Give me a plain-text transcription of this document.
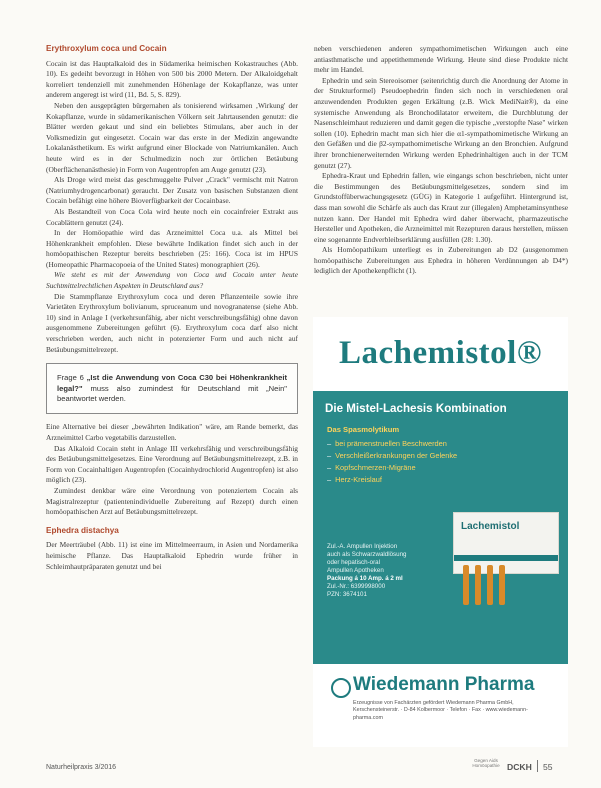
Erythroxylum coca und Cocain

Cocain ist das Hauptalkaloid des in Südamerika heimischen Kokastrauches (Abb. 10). Es gedeiht bevorzugt in Höhen von 500 bis 2000 Metern. Der Alkaloidgehalt korreliert tendenziell mit zunehmenden Höhenlage der Kokapflanze, was unter anderem angeregt ist wird (11, Bd. 5, S. 829).

Neben den ausgeprägten bürgernahen als tonisierend wirksamen ‚Wirkung' der Kokapflanze, wurde in südamerikanischen Völkern seit Jahrtausenden genutzt: die Blätter werden gekaut und sind ein beliebtes Stimulans, aber auch in der Volksmedizin gut eingesetzt. Cocain war das erste in der Medizin angewandte Lokalanästhetikum. Es wirkt aufgrund einer Blockade von Natriumkanälen. Auch heute wird es in der Schulmedizin noch zur örtlichen Betäubung (Oberflächenanästhesie) in Form von Augentropfen am Auge genutzt (23).

Als Droge wird meist das geschmuggelte Pulver „Crack" vermischt mit Natron (Natriumhydrogencarbonat) geraucht. Der Zusatz von basischen Substanzen dient Cocain befähigt eine höhere Bioverfügbarkeit der Cocainbase.

Als Bestandteil von Coca Cola wird heute noch ein cocainfreier Extrakt aus Cocablättern genutzt (24).

In der Homöopathie wird das Arzneimittel Coca u.a. als Mittel bei Höhenkrankheit empfohlen. Diese bewährte Indikation findet sich auch in der homöopathischen Rezeptur bereits beschrieben (25: 166). Coca ist im HPUS (Homeopathic Pharmacopoeia of the United States) monographiert (26).

Wie steht es mit der Anwendung von Coca und Cocain unter heute Suchtmittelrechtlichen Aspekten in Deutschland aus?

Die Stammpflanze Erythroxylum coca und deren Pflanzenteile sowie ihre Varietäten Erythroxylum bolivianum, spruceanum und novogranatense (siehe Abb. 10) sind in Anlage I (verkehrsunfähig, aber nicht verschreibungsfähig) ohne davon ausgenommene Zubereitungen geführt (6). Erythroxylum coca darf also nicht verschrieben werden, auch nicht in potenzierter Form und auch nicht auf Betäubungsmittelrezept.

Frage 6 „Ist die Anwendung von Coca C30 bei Höhenkrankheit legal?" muss also zumindest für Deutschland mit „Nein" beantwortet werden.

Eine Alternative bei dieser „bewährten Indikation" wäre, am Rande bemerkt, das Arzneimittel Carbo vegetabilis darzustellen.

Das Alkaloid Cocain steht in Anlage III verkehrsfähig und verschreibungsfähig des Betäubungsmittelgesetzes. Eine Verordnung auf Betäubungsmittelrezept, z.B. in Form von Cocainhaltigen Augentropfen (Cocainhydrochlorid Augentropfen) ist also möglich (23).

Zumindest denkbar wäre eine Verordnung von potenziertem Cocain als Magistralrezeptur (patientenindividuelle Zubereitung auf Rezept) durch einen homöopathischen Arzt auf Betäubungsmittelrezept.

Ephedra distachya

Der Meerträubel (Abb. 11) ist eine im Mittelmeerraum, in Asien und Nordamerika heimische Pflanze. Das Hauptalkaloid Ephedrin wurde früher in Schleimhautpräparaten genutzt und bei

neben verschiedenen anderen sympathomimetischen Wirkungen auch eine antiasthmatische und appetithemmende Wirkung. Heute sind diese Produkte nicht mehr im Handel.

Ephedrin und sein Stereoisomer (seitenrichtig durch die Anordnung der Atome in der Strukturformel) Pseudoephedrin finden sich noch in verschiedenen oral anzuwendenden Produkten gegen Erkältung (z.B. Wick MediNait®), da eine systemische Anwendung als Bronchodilatator erweitern, die Durchblutung der Nasenschleimhaut reduzieren und damit gegen die typische „verstopfte Nase" wirken sollen (10). Ephedrin macht man sich hier die α1-sympathomimetische Wirkung an den Gefäßen und die β2-sympathomimetische Wirkung an den Bronchien. Aufgrund ihrer bronchienerweiternden Wirkung werden Ephedrinhaltigen auch in der TCM genutzt (27).

Ephedra-Kraut und Ephedrin fallen, wie eingangs schon beschrieben, nicht unter die Bestimmungen des Betäubungsmittelgesetzes, sondern sind im Grundstoffüberwachungsgesetz (GÜG) in Kategorie 1 aufgeführt. Hintergrund ist, dass man sowohl die Schärfe als auch das Kraut zur (illegalen) Amphetaminsynthese nutzen kann. Der Handel mit Ephedra wird daher überwacht, pharmazeutische Hersteller und Apotheken, die Arzneimittel mit Rezepturen daraus herstellen, müssen eine sogenannte Endverbleibserklärung ausfüllen (28: 1.30).

Als Homöopathikum unterliegt es in Zubereitungen ab D2 (ausgenommen homöopathische Zubereitungen aus Ephedra in höheren Verdünnungen ab D4*) lediglich der Apothekenpflicht (1).

Lachemistol®
Die Mistel-Lachesis Kombination
Das Spasmolytikum
– bei prämenstruellen Beschwerden
– Verschleißerkrankungen der Gelenke
– Kopfschmerzen-Migräne
– Herz-Kreislauf
Zul.-A. Ampullen Injektion
auch als Schwarzwaldlösung
oder hepatisch-oral
Ampullen Apotheken
Packung á 10 Amp. á 2 ml
Zul.-Nr.: 6399998000
PZN: 3674101
Lachemistol
Wiedemann Pharma
Erzeugnisse von Fachärzten gefördert Wiedemann Pharma GmbH, Kerschensteinerstr. · D-84 Kolbermoor · Telefon · Fax · www.wiedemann-pharma.com
Naturheilpraxis 3/2016
Gegen Aids Homöopathie DCKH 55
